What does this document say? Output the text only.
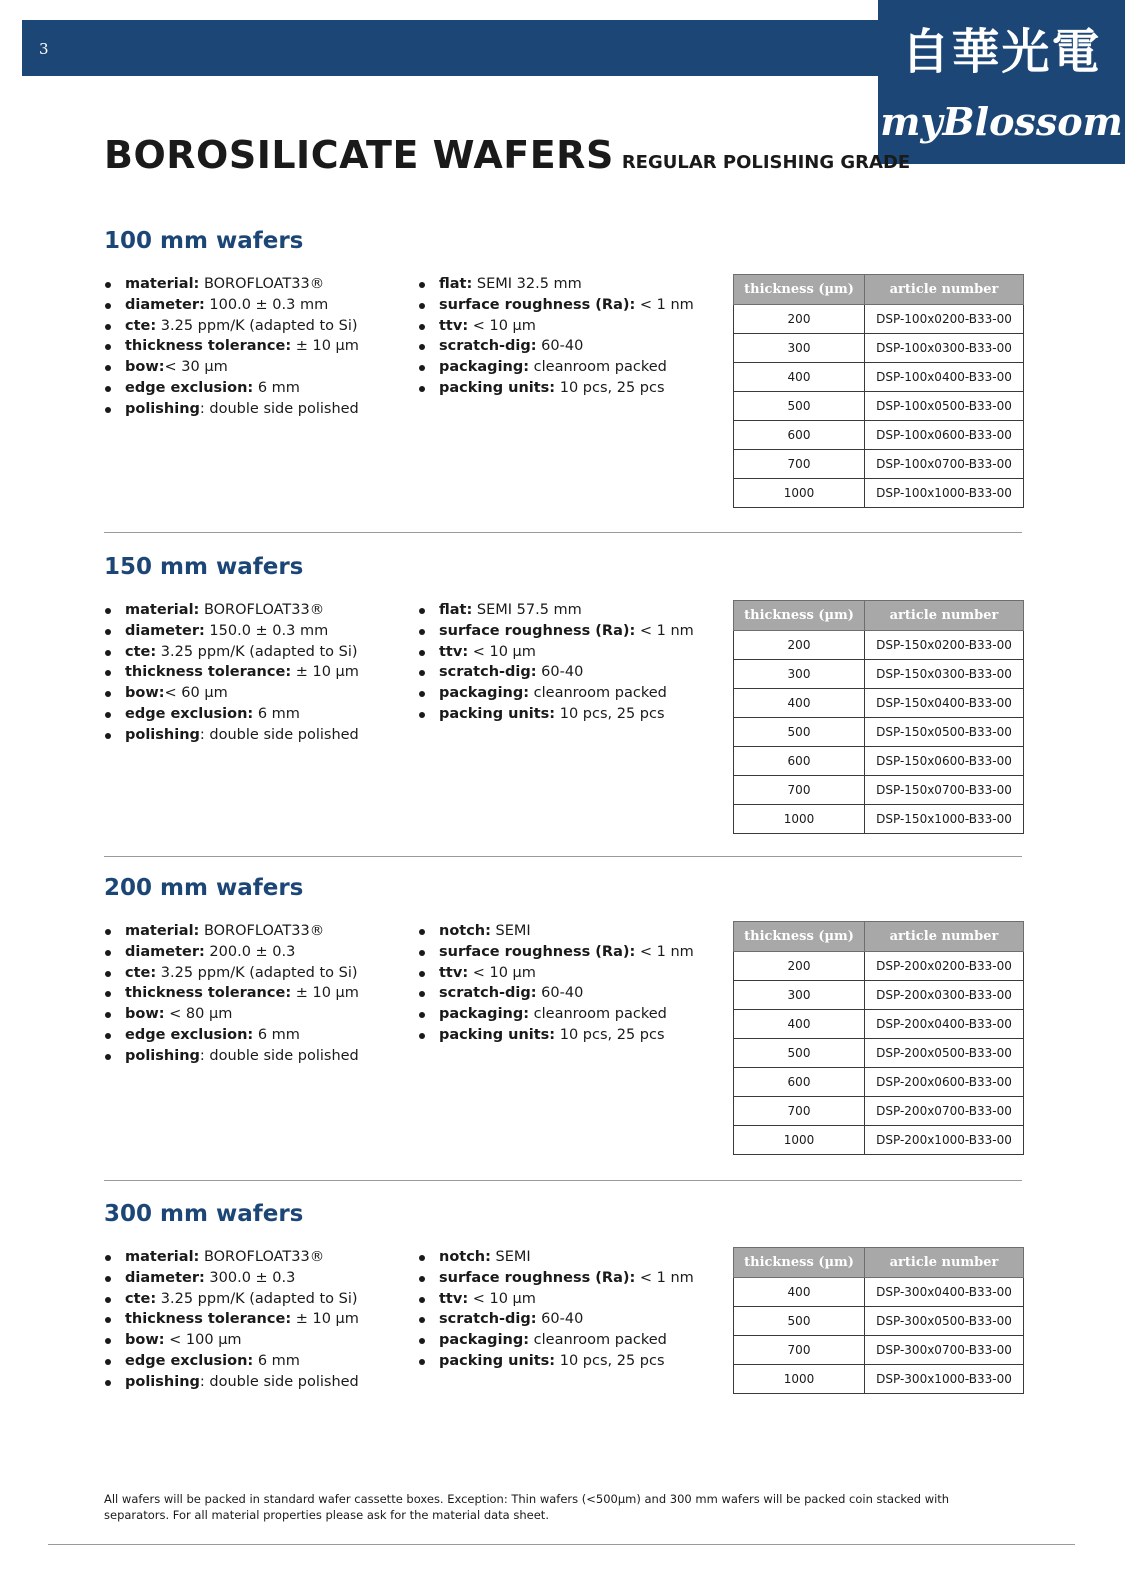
3	自華光電
myBlossom
BOROSILICATE WAFERS REGULAR POLISHING GRADE
100 mm wafers
material: BOROFLOAT33®
diameter: 100.0 ± 0.3 mm
cte: 3.25 ppm/K (adapted to Si)
thickness tolerance: ± 10 µm
bow:< 30 µm
edge exclusion: 6 mm
polishing: double side polished
flat: SEMI 32.5 mm
surface roughness (Ra): < 1 nm
ttv: < 10 µm
scratch-dig: 60-40
packaging: cleanroom packed
packing units: 10 pcs, 25 pcs
thickness (µm)	article number
200	DSP-100x0200-B33-00
300	DSP-100x0300-B33-00
400	DSP-100x0400-B33-00
500	DSP-100x0500-B33-00
600	DSP-100x0600-B33-00
700	DSP-100x0700-B33-00
1000	DSP-100x1000-B33-00
150 mm wafers
material: BOROFLOAT33®
diameter: 150.0 ± 0.3 mm
cte: 3.25 ppm/K (adapted to Si)
thickness tolerance: ± 10 µm
bow:< 60 µm
edge exclusion: 6 mm
polishing: double side polished
flat: SEMI 57.5 mm
surface roughness (Ra): < 1 nm
ttv: < 10 µm
scratch-dig: 60-40
packaging: cleanroom packed
packing units: 10 pcs, 25 pcs
thickness (µm)	article number
200	DSP-150x0200-B33-00
300	DSP-150x0300-B33-00
400	DSP-150x0400-B33-00
500	DSP-150x0500-B33-00
600	DSP-150x0600-B33-00
700	DSP-150x0700-B33-00
1000	DSP-150x1000-B33-00
200 mm wafers
material: BOROFLOAT33®
diameter: 200.0 ± 0.3
cte: 3.25 ppm/K (adapted to Si)
thickness tolerance: ± 10 µm
bow: < 80 µm
edge exclusion: 6 mm
polishing: double side polished
notch: SEMI
surface roughness (Ra): < 1 nm
ttv: < 10 µm
scratch-dig: 60-40
packaging: cleanroom packed
packing units: 10 pcs, 25 pcs
thickness (µm)	article number
200	DSP-200x0200-B33-00
300	DSP-200x0300-B33-00
400	DSP-200x0400-B33-00
500	DSP-200x0500-B33-00
600	DSP-200x0600-B33-00
700	DSP-200x0700-B33-00
1000	DSP-200x1000-B33-00
300 mm wafers
material: BOROFLOAT33®
diameter: 300.0 ± 0.3
cte: 3.25 ppm/K (adapted to Si)
thickness tolerance: ± 10 µm
bow: < 100 µm
edge exclusion: 6 mm
polishing: double side polished
notch: SEMI
surface roughness (Ra): < 1 nm
ttv: < 10 µm
scratch-dig: 60-40
packaging: cleanroom packed
packing units: 10 pcs, 25 pcs
thickness (µm)	article number
400	DSP-300x0400-B33-00
500	DSP-300x0500-B33-00
700	DSP-300x0700-B33-00
1000	DSP-300x1000-B33-00
All wafers will be packed in standard wafer cassette boxes. Exception: Thin wafers (<500µm) and 300 mm wafers will be packed coin stacked with
separators. For all material properties please ask for the material data sheet.
